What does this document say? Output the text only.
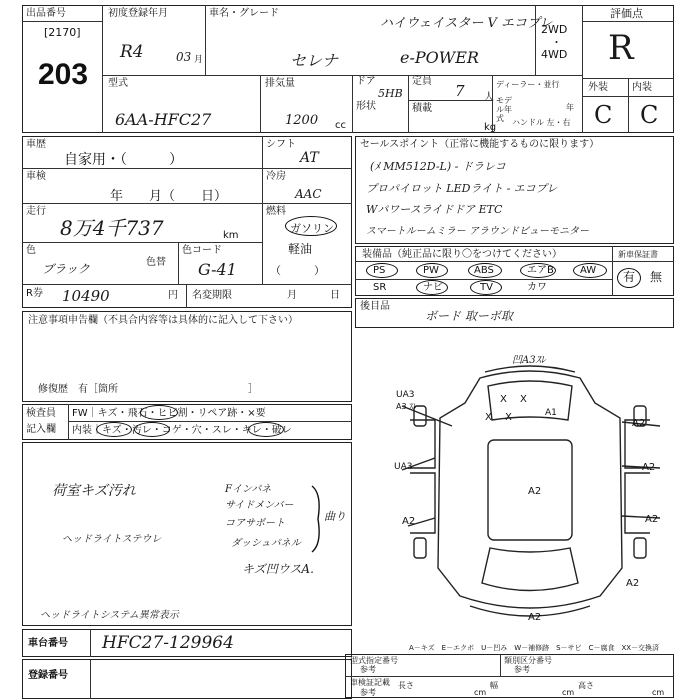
出品番号
[2170]
203
初度登録年月
R4	03 月
車名・グレード
ハイウェイスター V エコプレ
セレナ	e-POWER
2WD
・
4WD
評価点
R
型式
6AA-HFC27
排気量
1200 cc
ドア
5HB
形状
定員
7 人
積載
kg
ディーラー・並行
モデル年式
年
ハンドル 左・右
外装 内装
C C
車歴
自家用・（　　　）
シフト
AT
車検
年　　月（　　日）
冷房
AAC
走行
8万4千737	km
燃料
ガソリン
軽油
（　　　）
色
ブラック	色替
色コード
G-41
R券 10490	円 名変期限	月	日
注意事項申告欄（不具合内容等は具体的に記入して下さい）
修復歴　有［箇所　　　　　　　　　　　　　］
検査員
記入欄
FW｜キズ・飛石・ヒビ割・リペア跡・×要
内装｜キズ・汚レ・コゲ・穴・スレ・キレ・破レ
荷室キズ汚れ
ヘッドライトステウレ
Fインパネ
サイドメンバー
コアサポート
ダッシュパネル
曲り
キズ凹ウスA.
ヘッドライトシステム異常表示
セールスポイント（正常に機能するものに限ります）
(ﾒ MM512D-L) - ドラレコ
プロパイロット LEDライト - エコプレ
Wパワースライドドア ETC
スマートルームミラー アラウンドビューモニター
装備品（純正品に限り〇をつけてください）	新車保証書
PS	PW	ABS	エアB	AW
SR	ナビ	TV	カワ
有 無
後目品
ボード 取ーボ取
凹A3ｽﾚ
UA3
A3 ｽﾚ
X X
A1
X X
A2
UA3	A2
A2
A2	A2
A2
A2
A－キズ　E－エクボ　U－凹み　W－補修跡　S－サビ　C－腐食　XX－交換済
車台番号 HFC27-129964
登録番号
型式指定番号
参考
類別区分番号
参考
車検証記載
参考
長さ
cm
幅
cm
高さ
cm
